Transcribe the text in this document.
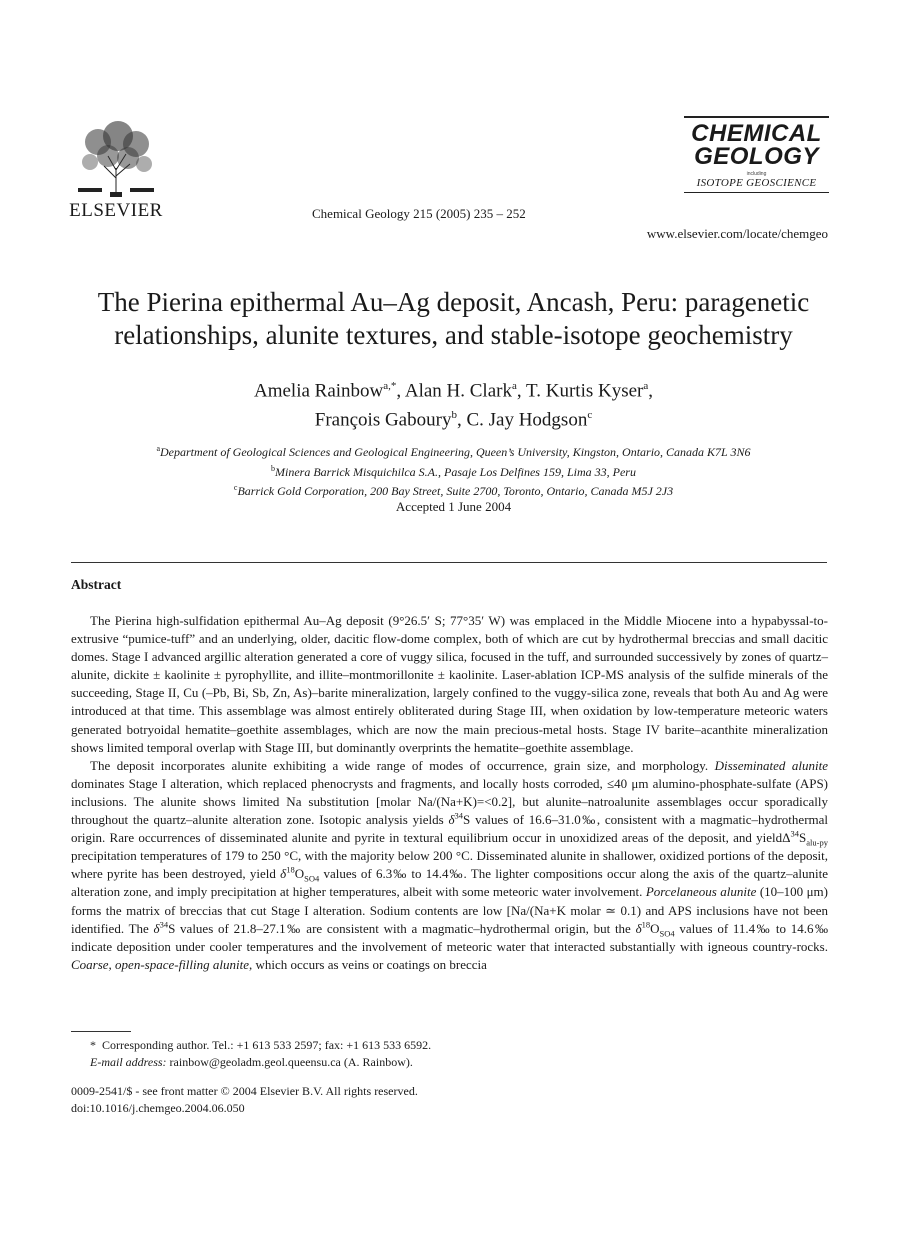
ELSEVIER	Chemical Geology 215 (2005) 235 – 252
CHEMICAL
GEOLOGY
including
ISOTOPE GEOSCIENCE
www.elsevier.com/locate/chemgeo
The Pierina epithermal Au–Ag deposit, Ancash, Peru: paragenetic
relationships, alunite textures, and stable-isotope geochemistry
Amelia Rainbow$^{a,*}$, Alan H. Clark$^a$, T. Kurtis Kyser$^a$,
François Gaboury$^b$, C. Jay Hodgson$^c$
$^a$Department of Geological Sciences and Geological Engineering, Queen’s University, Kingston, Ontario, Canada K7L 3N6
$^b$Minera Barrick Misquichilca S.A., Pasaje Los Delfines 159, Lima 33, Peru
$^c$Barrick Gold Corporation, 200 Bay Street, Suite 2700, Toronto, Ontario, Canada M5J 2J3
Accepted 1 June 2004
Abstract

The Pierina high-sulfidation epithermal Au–Ag deposit (9°26.5′ S; 77°35′ W) was emplaced in the Middle Miocene into a hypabyssal-to-extrusive “pumice-tuff” and an underlying, older, dacitic flow-dome complex, both of which are cut by hydrothermal breccias and small dacitic domes. Stage I advanced argillic alteration generated a core of vuggy silica, focused in the tuff, and surrounded successively by zones of quartz–alunite, dickite ± kaolinite ± pyrophyllite, and illite–montmorillonite ± kaolinite. Laser-ablation ICP-MS analysis of the sulfide minerals of the succeeding, Stage II, Cu (–Pb, Bi, Sb, Zn, As)–barite mineralization, largely confined to the vuggy-silica zone, reveals that both Au and Ag were introduced at that time. This assemblage was almost entirely obliterated during Stage III, when oxidation by low-temperature meteoric waters generated botryoidal hematite–goethite assemblages, which are now the main precious-metal hosts. Stage IV barite–acanthite mineralization shows limited temporal overlap with Stage III, but dominantly overprints the hematite–goethite assemblage.

The deposit incorporates alunite exhibiting a wide range of modes of occurrence, grain size, and morphology. Disseminated alunite dominates Stage I alteration, which replaced phenocrysts and fragments, and locally hosts corroded, ≤40 μm alumino-phosphate-sulfate (APS) inclusions. The alunite shows limited Na substitution [molar Na/(Na+K)=<0.2], but alunite–natroalunite assemblages occur sporadically throughout the quartz–alunite alteration zone. Isotopic analysis yields $\delta^{34}S$ values of 16.6–31.0‰, consistent with a magmatic–hydrothermal origin. Rare occurrences of disseminated alunite and pyrite in textural equilibrium occur in unoxidized areas of the deposit, and $yield\Delta^{34}S_{alu-py}$ precipitation temperatures of 179 to 250 °C, with the majority below 200 °C. Disseminated alunite in shallower, oxidized portions of the deposit, where pyrite has been destroyed, yield $\delta^{18}O_{SO4}$ values of 6.3‰ to 14.4‰. The lighter compositions occur along the axis of the quartz–alunite alteration zone, and imply precipitation at higher temperatures, albeit with some meteoric water involvement. Porcelaneous alunite (10–100 μm) forms the matrix of breccias that cut Stage I alteration. Sodium contents are low [Na/(Na+K molar ≃ 0.1) and APS inclusions have not been identified. The $\delta^{34}S$ values of 21.8–27.1‰ are consistent with a magmatic–hydrothermal origin, but the $\delta^{18}O_{SO4}$ values of 11.4‰ to 14.6‰ indicate deposition under cooler temperatures and the involvement of meteoric water that interacted substantially with igneous country-rocks. Coarse, open-space-filling alunite, which occurs as veins or coatings on breccia

* Corresponding author. Tel.: +1 613 533 2597; fax: +1 613 533 6592.
E-mail address: rainbow@geoladm.geol.queensu.ca (A. Rainbow).
0009-2541/$ - see front matter © 2004 Elsevier B.V. All rights reserved.
doi:10.1016/j.chemgeo.2004.06.050
